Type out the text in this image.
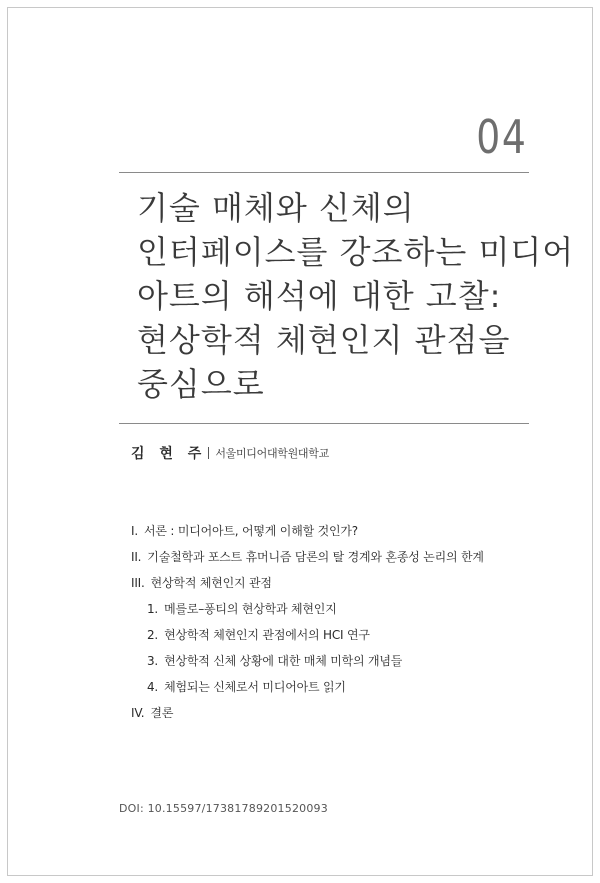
04
기술 매체와 신체의
인터페이스를 강조하는 미디어
아트의 해석에 대한 고찰:
현상학적 체현인지 관점을
중심으로
김 현 주 서울미디어대학원대학교
I. 서론 : 미디어아트, 어떻게 이해할 것인가?
II. 기술철학과 포스트 휴머니즘 담론의 탈 경계와 혼종성 논리의 한계
III. 현상학적 체현인지 관점
1. 메를로–퐁티의 현상학과 체현인지
2. 현상학적 체현인지 관점에서의 HCI 연구
3. 현상학적 신체 상황에 대한 매체 미학의 개념들
4. 체험되는 신체로서 미디어아트 읽기
IV. 결론
DOI: 10.15597/17381789201520093
